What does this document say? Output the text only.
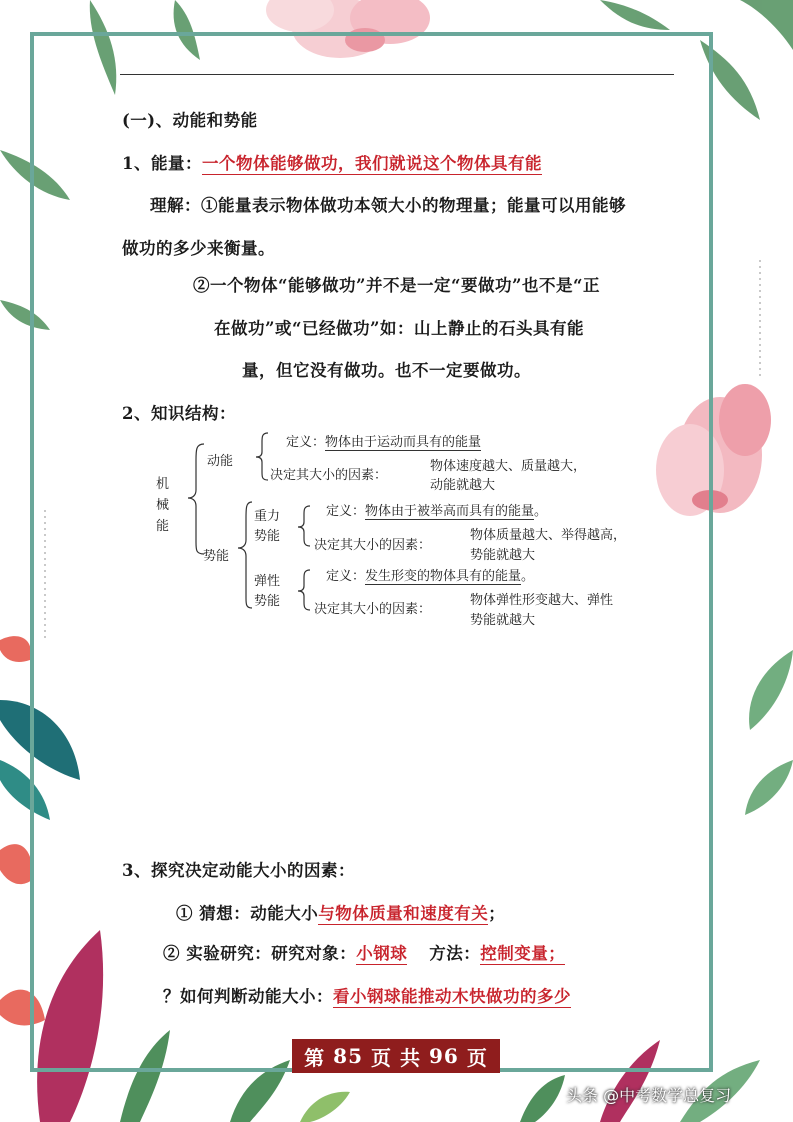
(一)、动能和势能
1、能量：一个物体能够做功，我们就说这个物体具有能
理解：①能量表示物体做功本领大小的物理量；能量可以用能够
做功的多少来衡量。
②一个物体“能够做功”并不是一定“要做功”也不是“正
在做功”或“已经做功”如：山上静止的石头具有能
量，但它没有做功。也不一定要做功。
2、知识结构：
机
械
能
动能
定义：物体由于运动而具有的能量
决定其大小的因素：
物体速度越大、质量越大，
动能就越大
势能
重力
势能
定义：物体由于被举高而具有的能量。
决定其大小的因素：
物体质量越大、举得越高，
势能就越大
弹性
势能
定义：发生形变的物体具有的能量。
决定其大小的因素：
物体弹性形变越大、弹性
势能就越大
3、探究决定动能大小的因素：
① 猜想：动能大小与物体质量和速度有关；
② 实验研究：研究对象：小钢球 方法：控制变量；
？如何判断动能大小：看小钢球能推动木快做功的多少
第 85 页 共 96 页
头条 @中考数学总复习
